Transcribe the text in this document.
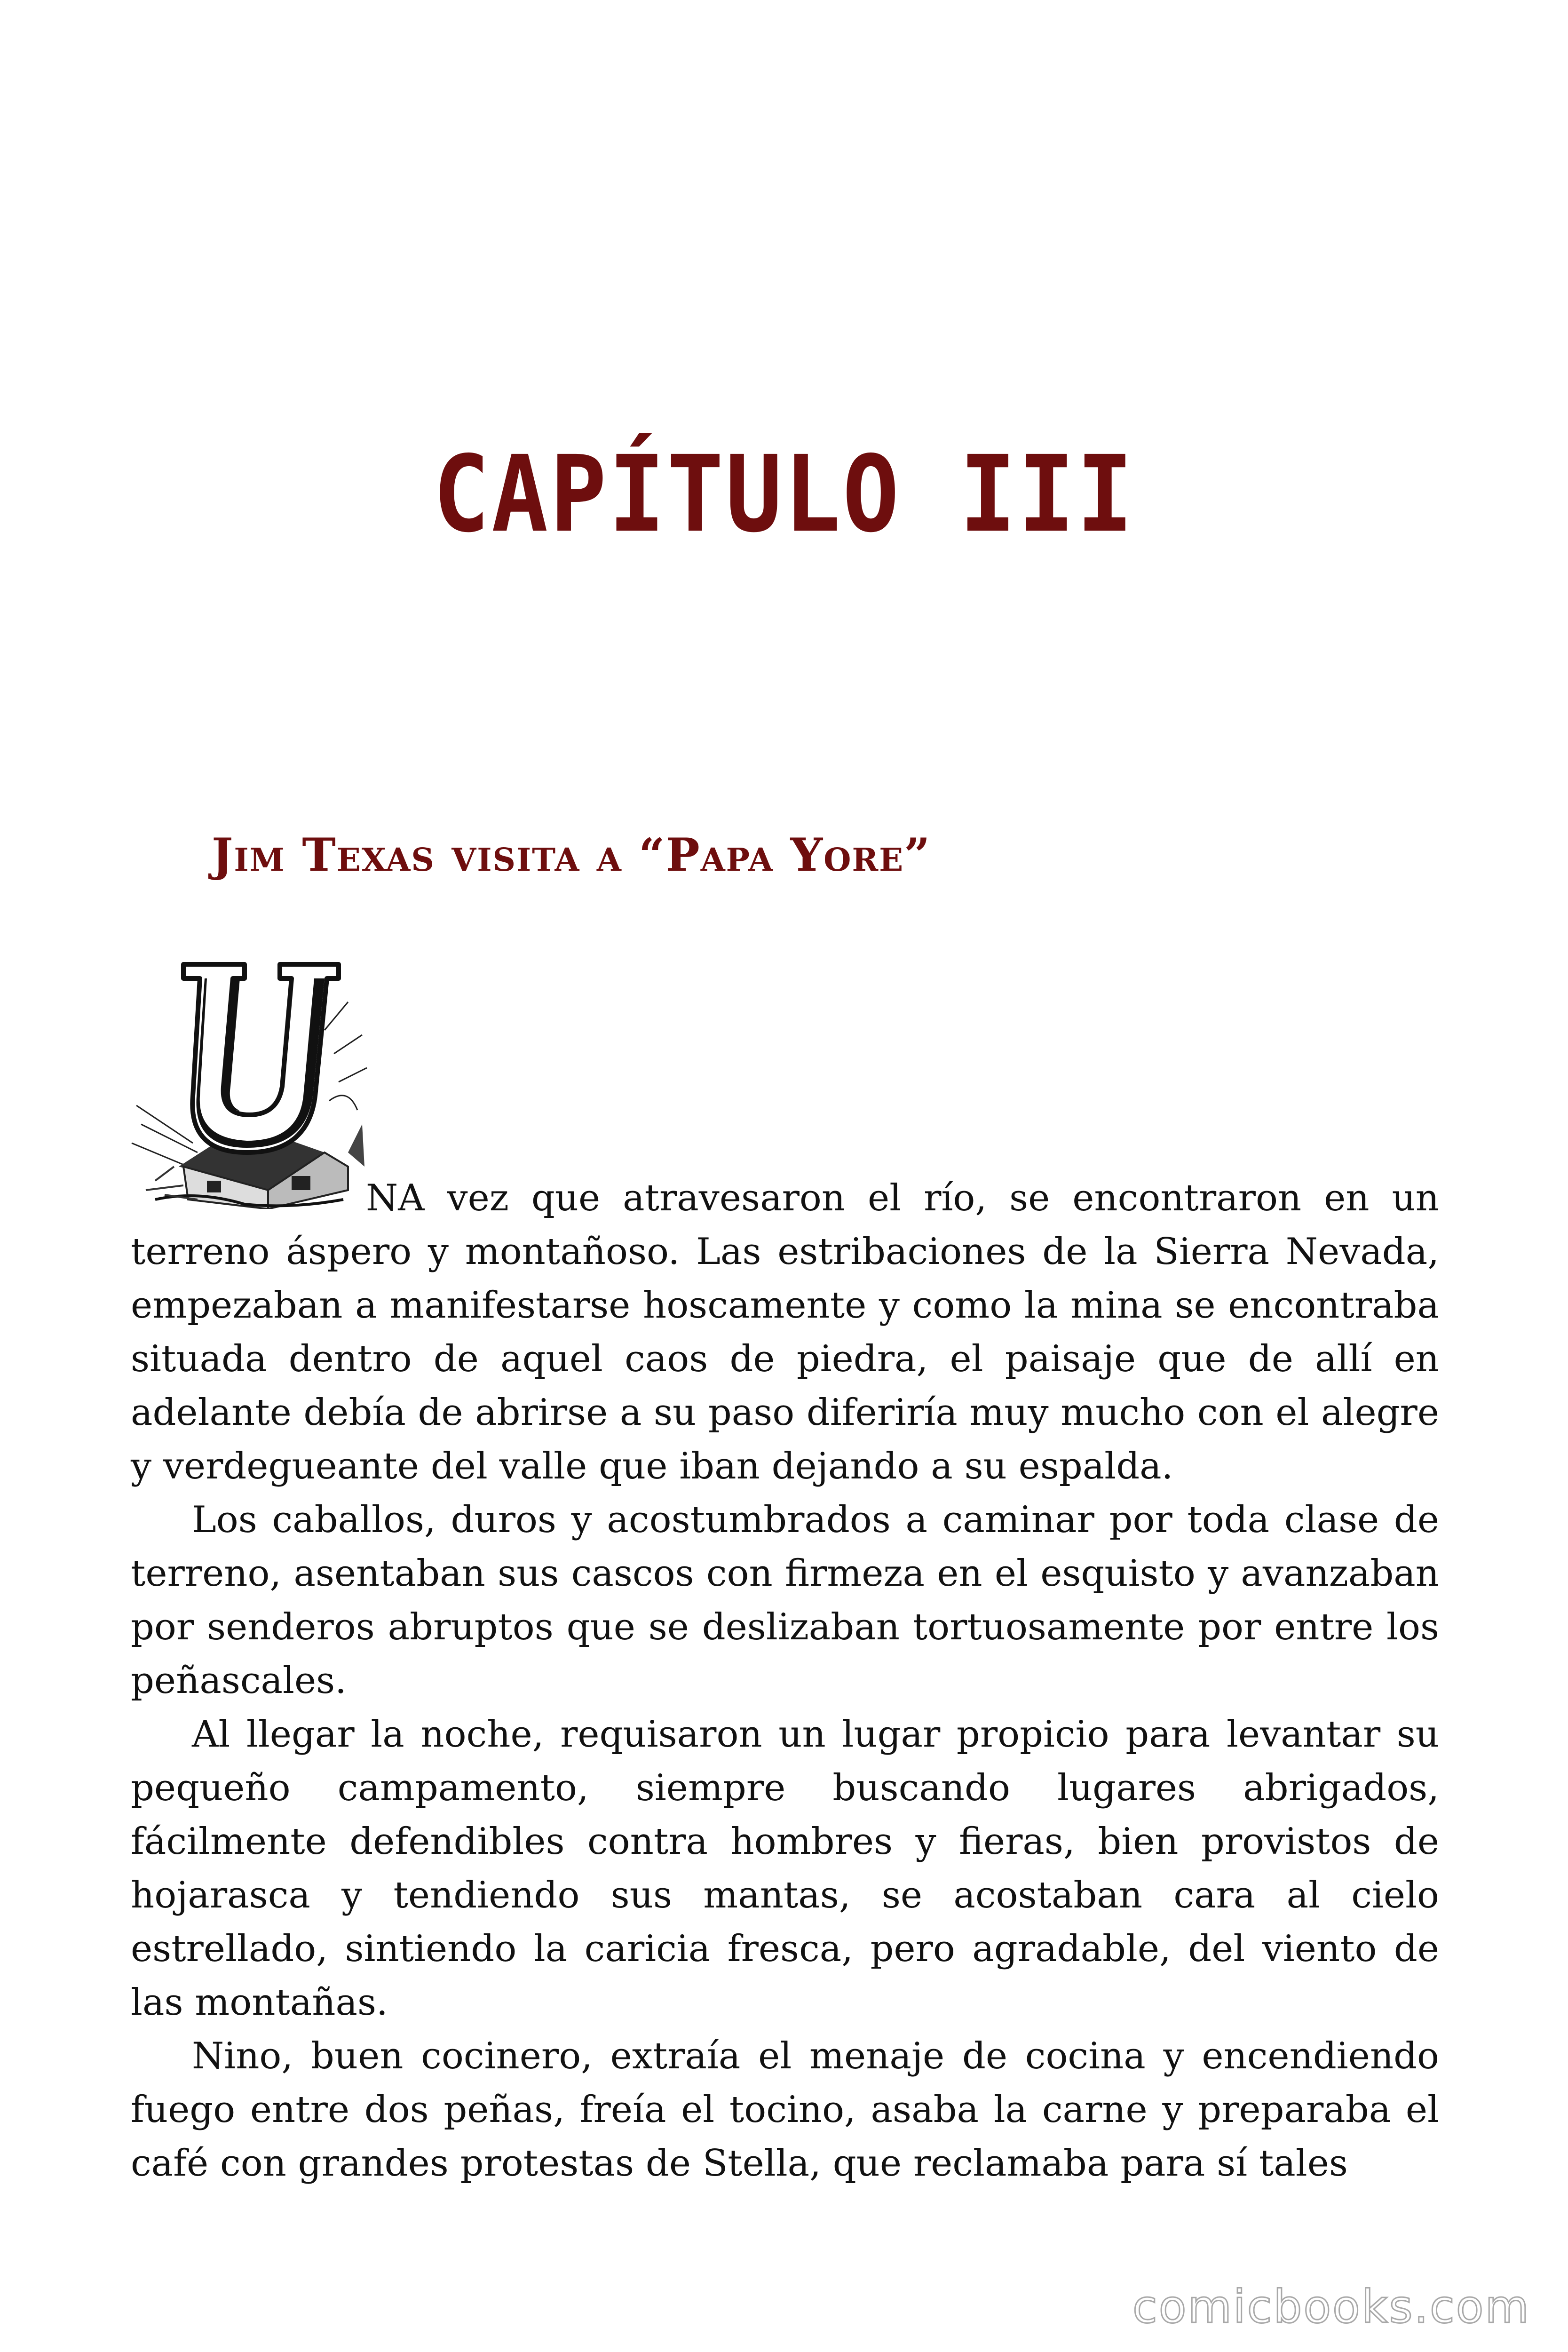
CAPÍTULO III
Jim Texas visita a “Papa Yore”

NA vez que atravesaron el río, se encontraron en un terreno áspero y montañoso. Las estribaciones de la Sierra Nevada, empezaban a manifestarse hoscamente y como la mina se encontraba situada dentro de aquel caos de piedra, el paisaje que de allí en adelante debía de abrirse a su paso diferiría muy mucho con el alegre y verdegueante del valle que iban dejando a su espalda.

Los caballos, duros y acostumbrados a caminar por toda clase de terreno, asentaban sus cascos con firmeza en el esquisto y avanzaban por senderos abruptos que se deslizaban tortuosamente por entre los peñascales.

Al llegar la noche, requisaron un lugar propicio para levantar su pequeño campamento, siempre buscando lugares abrigados, fácilmente defendibles contra hombres y fieras, bien provistos de hojarasca y tendiendo sus mantas, se acostaban cara al cielo estrellado, sintiendo la caricia fresca, pero agradable, del viento de las montañas.

Nino, buen cocinero, extraía el menaje de cocina y encendiendo fuego entre dos peñas, freía el tocino, asaba la carne y preparaba el café con grandes protestas de Stella, que reclamaba para sí tales

comicbooks.com
